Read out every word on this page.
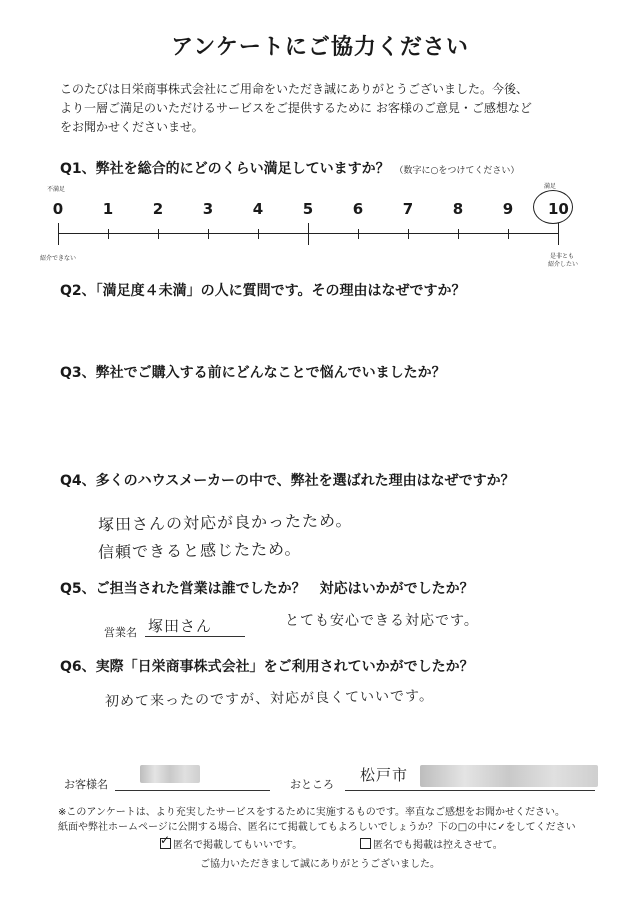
アンケートにご協力ください
このたびは日栄商事株式会社にご用命をいただき誠にありがとうございました。今後、
より一層ご満足のいただけるサービスをご提供するために お客様のご意見・ご感想など
をお聞かせくださいませ。
Q1、弊社を総合的にどのくらい満足していますか？ （数字に○をつけてください）
不満足	満足
0	1	2	3	4	5	6	7	8	9	10
紹介できない	是非とも
紹介したい
Q2、「満足度４未満」の人に質問です。その理由はなぜですか？
Q3、弊社でご購入する前にどんなことで悩んでいましたか？
Q4、多くのハウスメーカーの中で、弊社を選ばれた理由はなぜですか？
塚田さんの対応が良かったため。
信頼できると感じたため。
Q5、ご担当された営業は誰でしたか？　対応はいかがでしたか？
営業名 塚田さん	とても安心できる対応です。
Q6、実際「日栄商事株式会社」をご利用されていかがでしたか？
初めて来ったのですが、対応が良くていいです。
お客様名	おところ
松戸市
※このアンケートは、より充実したサービスをするために実施するものです。率直なご感想をお聞かせください。
紙面や弊社ホームページに公開する場合、匿名にて掲載してもよろしいでしょうか？下の□の中に✓をしてください
✓匿名で掲載してもいいです。	匿名でも掲載は控えさせて。
ご協力いただきまして誠にありがとうございました。
